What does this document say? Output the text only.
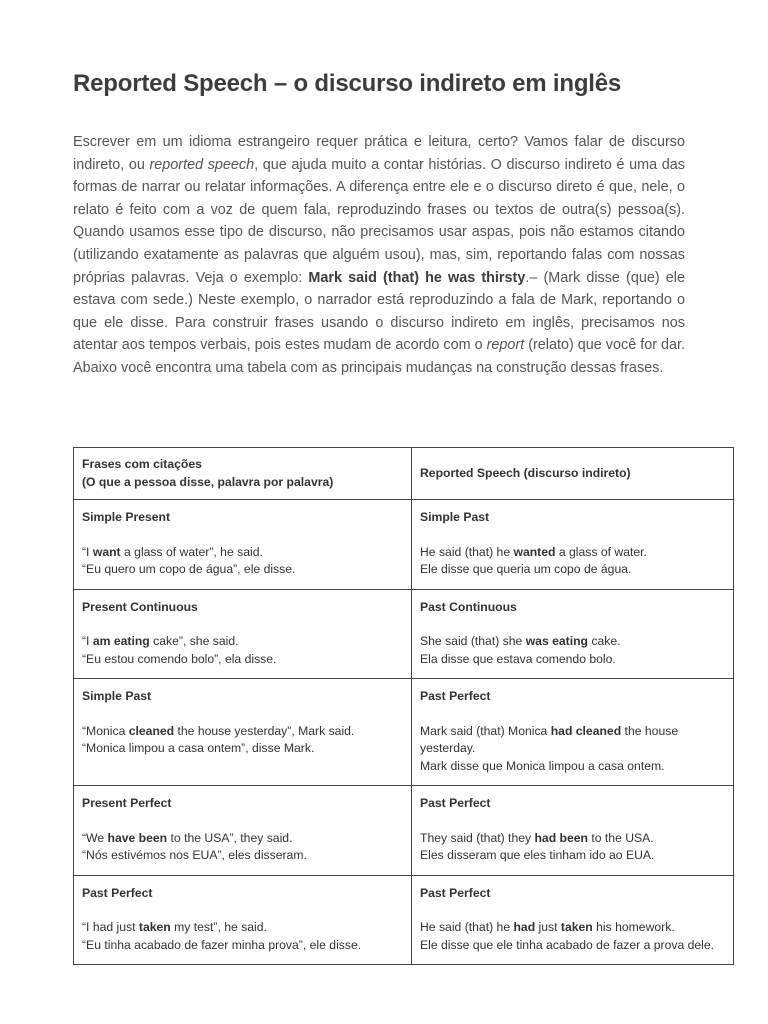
Reported Speech – o discurso indireto em inglês

Escrever em um idioma estrangeiro requer prática e leitura, certo? Vamos falar de discurso indireto, ou reported speech, que ajuda muito a contar histórias. O discurso indireto é uma das formas de narrar ou relatar informações. A diferença entre ele e o discurso direto é que, nele, o relato é feito com a voz de quem fala, reproduzindo frases ou textos de outra(s) pessoa(s). Quando usamos esse tipo de discurso, não precisamos usar aspas, pois não estamos citando (utilizando exatamente as palavras que alguém usou), mas, sim, reportando falas com nossas próprias palavras. Veja o exemplo: Mark said (that) he was thirsty.– (Mark disse (que) ele estava com sede.) Neste exemplo, o narrador está reproduzindo a fala de Mark, reportando o que ele disse. Para construir frases usando o discurso indireto em inglês, precisamos nos atentar aos tempos verbais, pois estes mudam de acordo com o report (relato) que você for dar. Abaixo você encontra uma tabela com as principais mudanças na construção dessas frases.

Frases com citações
(O que a pessoa disse, palavra por palavra)	Reported Speech (discurso indireto)

Simple Present
“I want a glass of water”, he said.
“Eu quero um copo de água”, ele disse.	Simple Past
He said (that) he wanted a glass of water.
Ele disse que queria um copo de água.

Present Continuous
“I am eating cake”, she said.
“Eu estou comendo bolo”, ela disse.	Past Continuous
She said (that) she was eating cake.
Ela disse que estava comendo bolo.

Simple Past
“Monica cleaned the house yesterday”, Mark said.
“Monica limpou a casa ontem”, disse Mark.	Past Perfect
Mark said (that) Monica had cleaned the house yesterday.
Mark disse que Monica limpou a casa ontem.

Present Perfect
“We have been to the USA”, they said.
“Nós estivémos nos EUA”, eles disseram.	Past Perfect
They said (that) they had been to the USA.
Eles disseram que eles tinham ido ao EUA.

Past Perfect
“I had just taken my test”, he said.
“Eu tinha acabado de fazer minha prova”, ele disse.	Past Perfect
He said (that) he had just taken his homework.
Ele disse que ele tinha acabado de fazer a prova dele.
